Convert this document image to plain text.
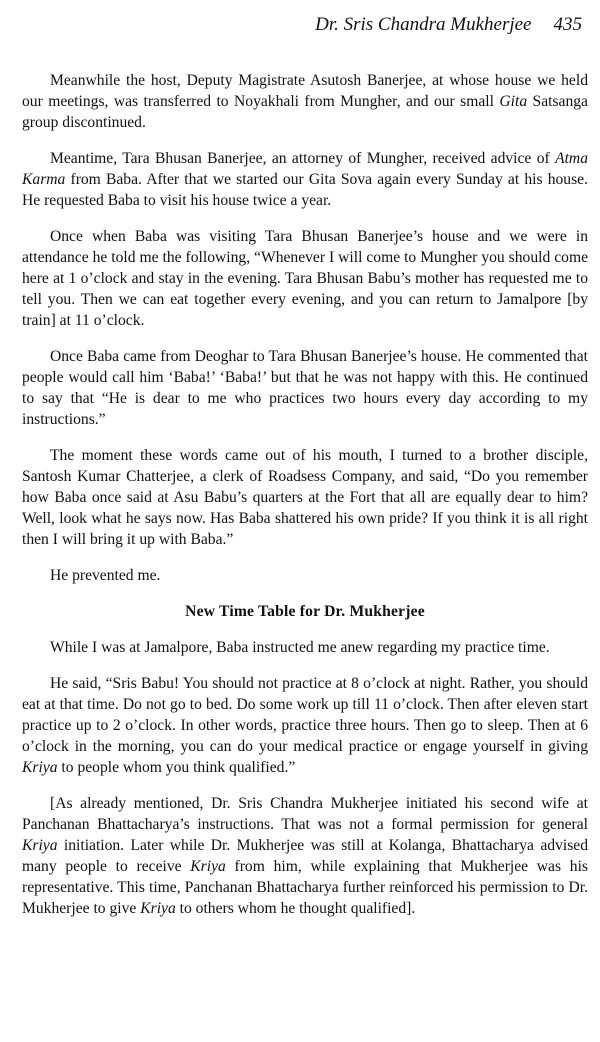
Dr. Sris Chandra Mukherjee 435

Meanwhile the host, Deputy Magistrate Asutosh Banerjee, at whose house we held our meetings, was transferred to Noyakhali from Mungher, and our small Gita Satsanga group discontinued.

Meantime, Tara Bhusan Banerjee, an attorney of Mungher, received advice of Atma Karma from Baba. After that we started our Gita Sova again every Sunday at his house. He requested Baba to visit his house twice a year.

Once when Baba was visiting Tara Bhusan Banerjee’s house and we were in attendance he told me the following, “Whenever I will come to Mungher you should come here at 1 o’clock and stay in the evening. Tara Bhusan Babu’s mother has requested me to tell you. Then we can eat together every evening, and you can return to Jamalpore [by train] at 11 o’clock.

Once Baba came from Deoghar to Tara Bhusan Banerjee’s house. He commented that people would call him ‘Baba!’ ‘Baba!’ but that he was not happy with this. He continued to say that “He is dear to me who practices two hours every day according to my instructions.”

The moment these words came out of his mouth, I turned to a brother disciple, Santosh Kumar Chatterjee, a clerk of Roadsess Company, and said, “Do you remember how Baba once said at Asu Babu’s quarters at the Fort that all are equally dear to him? Well, look what he says now. Has Baba shattered his own pride? If you think it is all right then I will bring it up with Baba.”

He prevented me.

New Time Table for Dr. Mukherjee

While I was at Jamalpore, Baba instructed me anew regarding my practice time.

He said, “Sris Babu! You should not practice at 8 o’clock at night. Rather, you should eat at that time. Do not go to bed. Do some work up till 11 o’clock. Then after eleven start practice up to 2 o’clock. In other words, practice three hours. Then go to sleep. Then at 6 o’clock in the morning, you can do your medical practice or engage yourself in giving Kriya to people whom you think qualified.”

[As already mentioned, Dr. Sris Chandra Mukherjee initiated his second wife at Panchanan Bhattacharya’s instructions. That was not a formal permission for general Kriya initiation. Later while Dr. Mukherjee was still at Kolanga, Bhattacharya advised many people to receive Kriya from him, while explaining that Mukherjee was his representative. This time, Panchanan Bhattacharya further reinforced his permission to Dr. Mukherjee to give Kriya to others whom he thought qualified].
